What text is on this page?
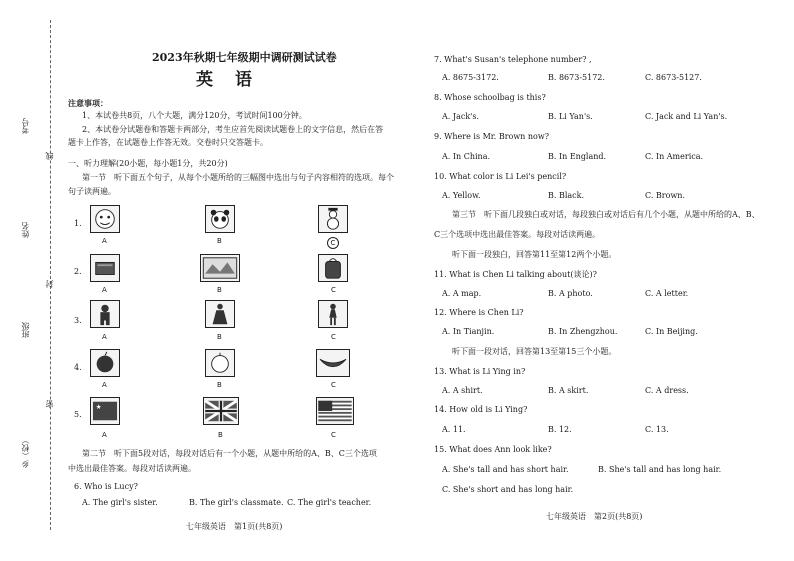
考号
线
姓名
封
班级
密
乡（校）
2023年秋期七年级期中调研测试试卷
英语
注意事项：
1、本试卷共8页，八个大题，满分120分，考试时间100分钟。
2、本试卷分试题卷和答题卡两部分，考生应首先阅读试题卷上的文字信息，然后在答
题卡上作答，在试题卷上作答无效。交卷时只交答题卡。
一、听力理解(20小题，每小题1分，共20分)
第一节　听下面五个句子，从每个小题所给的三幅图中选出与句子内容相符的选项。每个
句子读两遍。
1.
A	B	C
2.
A	B	C
3.
A	B	C
4.
A	B	C
5.
★
A	B	C
第二节　听下面5段对话，每段对话后有一个小题，从题中所给的A、B、C三个选项
中选出最佳答案。每段对话读两遍。
6. Who is Lucy?
A. The girl's sister.	B. The girl's classmate. C. The girl's teacher.
七年级英语　第1页(共8页)
7. What's Susan's telephone number? ,
A. 8675-3172.	B. 8673-5172.	C. 8673-5127.
8. Whose schoolbag is this?
A. Jack's.	B. Li Yan's.	C. Jack and Li Yan's.
9. Where is Mr. Brown now?
A. In China.	B. In England.	C. In America.
10. What color is Li Lei's pencil?
A. Yellow.	B. Black.	C. Brown.
第三节　听下面几段独白或对话，每段独白或对话后有几个小题，从题中所给的A、B、
C三个选项中选出最佳答案。每段对话读两遍。
听下面一段独白，回答第11至第12两个小题。
11. What is Chen Li talking about(谈论)?
A. A map.	B. A photo.	C. A letter.
12. Where is Chen Li?
A. In Tianjin.	B. In Zhengzhou.	C. In Beijing.
听下面一段对话，回答第13至第15三个小题。
13. What is Li Ying in?
A. A shirt.	B. A skirt.	C. A dress.
14. How old is Li Ying?
A. 11.	B. 12.	C. 13.
15. What does Ann look like?
A. She's tall and has short hair.	B. She's tall and has long hair.
C. She's short and has long hair.
七年级英语　第2页(共8页)
